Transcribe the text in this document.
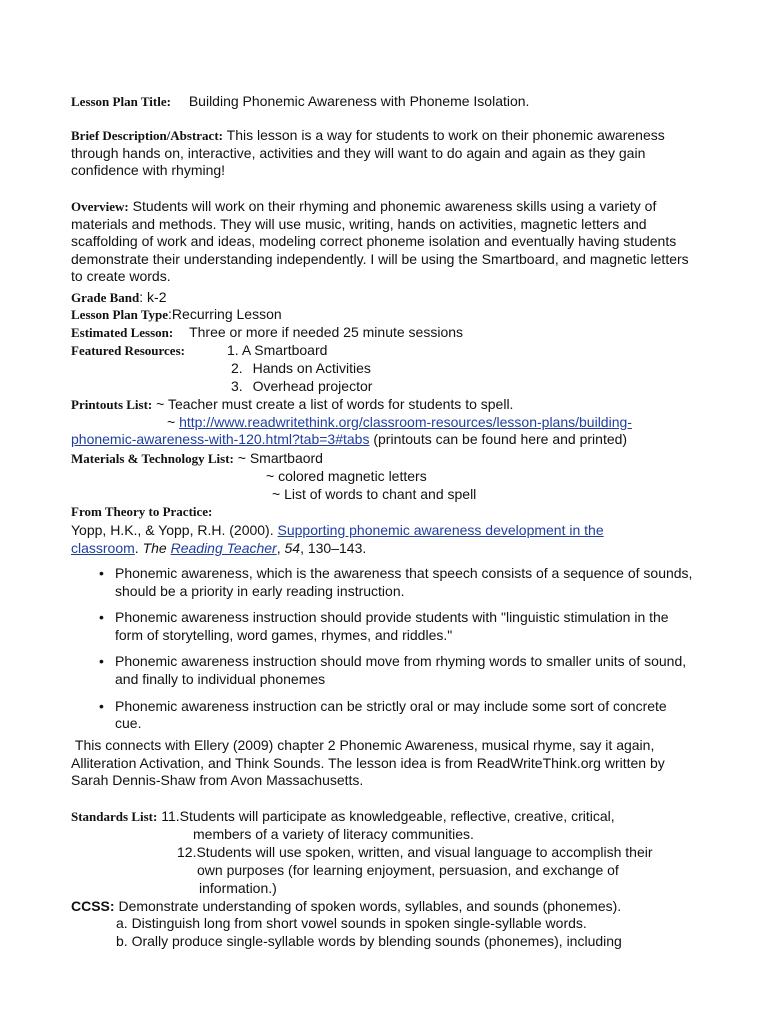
Lesson Plan Title: Building Phonemic Awareness with Phoneme Isolation.
Brief Description/Abstract: This lesson is a way for students to work on their phonemic awareness through hands on, interactive, activities and they will want to do again and again as they gain confidence with rhyming!
Overview: Students will work on their rhyming and phonemic awareness skills using a variety of materials and methods. They will use music, writing, hands on activities, magnetic letters and scaffolding of work and ideas, modeling correct phoneme isolation and eventually having students demonstrate their understanding independently. I will be using the Smartboard, and magnetic letters to create words.
Grade Band: k-2
Lesson Plan Type:Recurring Lesson
Estimated Lesson: Three or more if needed 25 minute sessions
Featured Resources:	1. A Smartboard
2. Hands on Activities
3. Overhead projector
Printouts List: ~ Teacher must create a list of words for students to spell.
~ http://www.readwritethink.org/classroom-resources/lesson-plans/building-
phonemic-awareness-with-120.html?tab=3#tabs (printouts can be found here and printed)
Materials & Technology List: ~ Smartbaord
~ colored magnetic letters
~ List of words to chant and spell
From Theory to Practice:
Yopp, H.K., & Yopp, R.H. (2000). Supporting phonemic awareness development in the
classroom. The Reading Teacher, 54, 130–143.
• Phonemic awareness, which is the awareness that speech consists of a sequence of sounds, should be a priority in early reading instruction.
• Phonemic awareness instruction should provide students with "linguistic stimulation in the form of storytelling, word games, rhymes, and riddles."
• Phonemic awareness instruction should move from rhyming words to smaller units of sound, and finally to individual phonemes
• Phonemic awareness instruction can be strictly oral or may include some sort of concrete cue.
This connects with Ellery (2009) chapter 2 Phonemic Awareness, musical rhyme, say it again, Alliteration Activation, and Think Sounds. The lesson idea is from ReadWriteThink.org written by Sarah Dennis-Shaw from Avon Massachusetts.
Standards List: 11.Students will participate as knowledgeable, reflective, creative, critical,
members of a variety of literacy communities.
12.Students will use spoken, written, and visual language to accomplish their
own purposes (for learning enjoyment, persuasion, and exchange of
information.)
CCSS: Demonstrate understanding of spoken words, syllables, and sounds (phonemes).
a. Distinguish long from short vowel sounds in spoken single-syllable words.
b. Orally produce single-syllable words by blending sounds (phonemes), including
